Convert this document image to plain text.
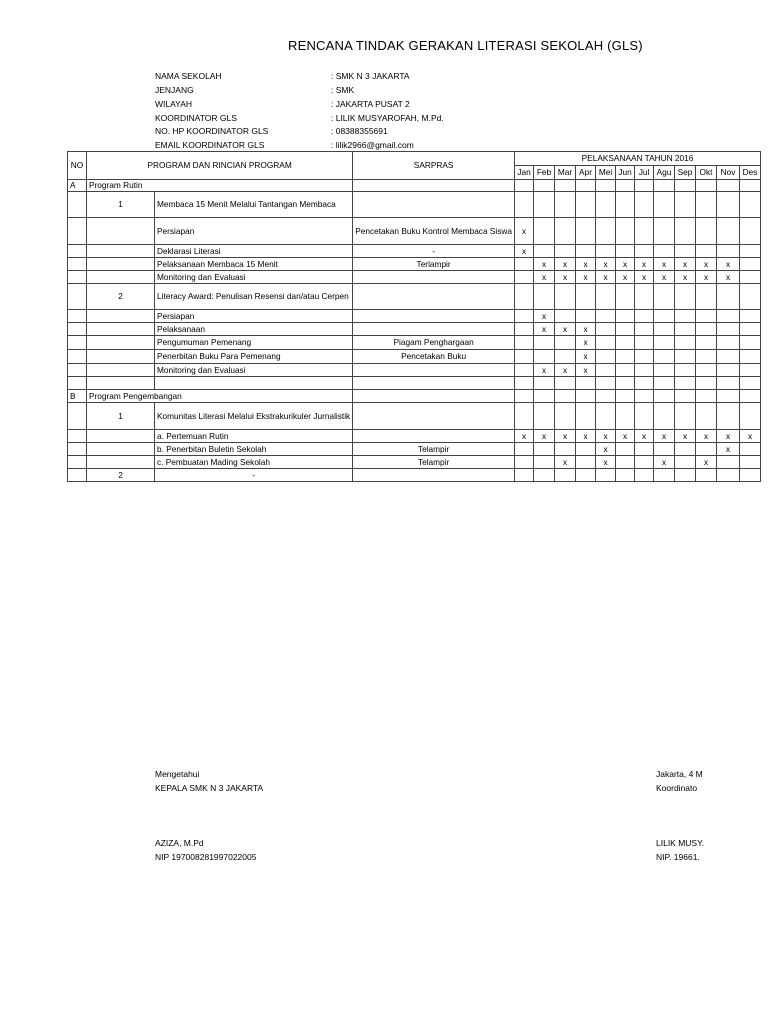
RENCANA TINDAK GERAKAN LITERASI SEKOLAH (GLS)
NAMA SEKOLAH	: SMK N 3 JAKARTA
JENJANG	: SMK
WILAYAH	: JAKARTA PUSAT 2
KOORDINATOR GLS	: LILIK MUSYAROFAH, M.Pd.
NO. HP KOORDINATOR GLS	: 08388355691
EMAIL KOORDINATOR GLS	: lilik2966@gmail.com
NO	PROGRAM DAN RINCIAN PROGRAM		SARPRAS	PELAKSANAAN TAHUN 2016											
				Jan	Feb	Mar	Apr	Mei	Jun	Jul	Agu	Sep	Okt	Nov	Des
A	Program Rutin														
	1	Membaca 15 Menit Melalui Tantangan Membaca													
		Persiapan	Pencetakan Buku Kontrol Membaca Siswa	x											
		Deklarasi Literasi	-	x											
		Pelaksanaan Membaca 15 Menit	Terlampir		x	x	x	x	x	x	x	x	x	x	
		Monitoring dan Evaluasi			x	x	x	x	x	x	x	x	x	x	
	2	Literacy Award: Penulisan Resensi dan/atau Cerpen													
		Persiapan			x										
		Pelaksanaan			x	x	x								
		Pengumuman Pemenang	Piagam Penghargaan				x								
		Penerbitan Buku Para Pemenang	Pencetakan Buku				x								
		Monitoring dan Evaluasi			x	x	x								

B	Program Pengembangan														
	1	Komunitas Literasi Melalui Ekstrakurikuler Jurnalistik													
		a. Pertemuan Rutin		x	x	x	x	x	x	x	x	x	x	x	x
		b. Penerbitan Buletin Sekolah	Telampir					x						x	
		c. Pembuatan Mading Sekolah	Telampir			x		x			x		x		
	2	-													
Mengetahui
KEPALA SMK N 3 JAKARTA
AZIZA, M.Pd
NIP 197008281997022005
Jakarta, 4 M
Koordinato
LILIK MUSY.
NIP. 19661.
